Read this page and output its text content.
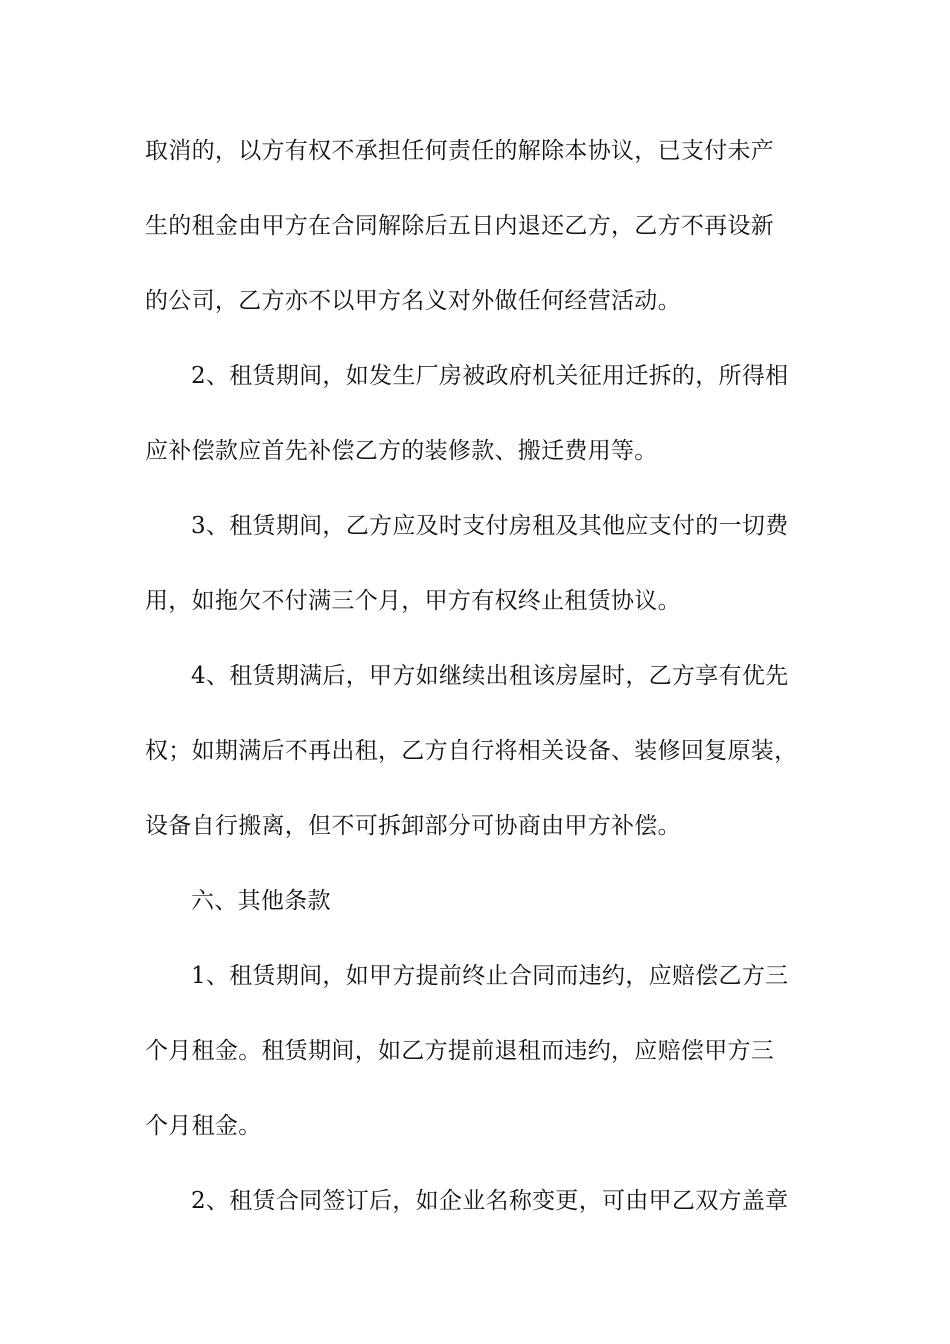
取消的，以方有权不承担任何责任的解除本协议，已支付未产
生的租金由甲方在合同解除后五日内退还乙方，乙方不再设新
的公司，乙方亦不以甲方名义对外做任何经营活动。
2、租赁期间，如发生厂房被政府机关征用迁拆的，所得相
应补偿款应首先补偿乙方的装修款、搬迁费用等。
3、租赁期间，乙方应及时支付房租及其他应支付的一切费
用，如拖欠不付满三个月，甲方有权终止租赁协议。
4、租赁期满后，甲方如继续出租该房屋时，乙方享有优先
权；如期满后不再出租，乙方自行将相关设备、装修回复原装，
设备自行搬离，但不可拆卸部分可协商由甲方补偿。
六、其他条款
1、租赁期间，如甲方提前终止合同而违约，应赔偿乙方三
个月租金。租赁期间，如乙方提前退租而违约，应赔偿甲方三
个月租金。
2、租赁合同签订后，如企业名称变更，可由甲乙双方盖章
